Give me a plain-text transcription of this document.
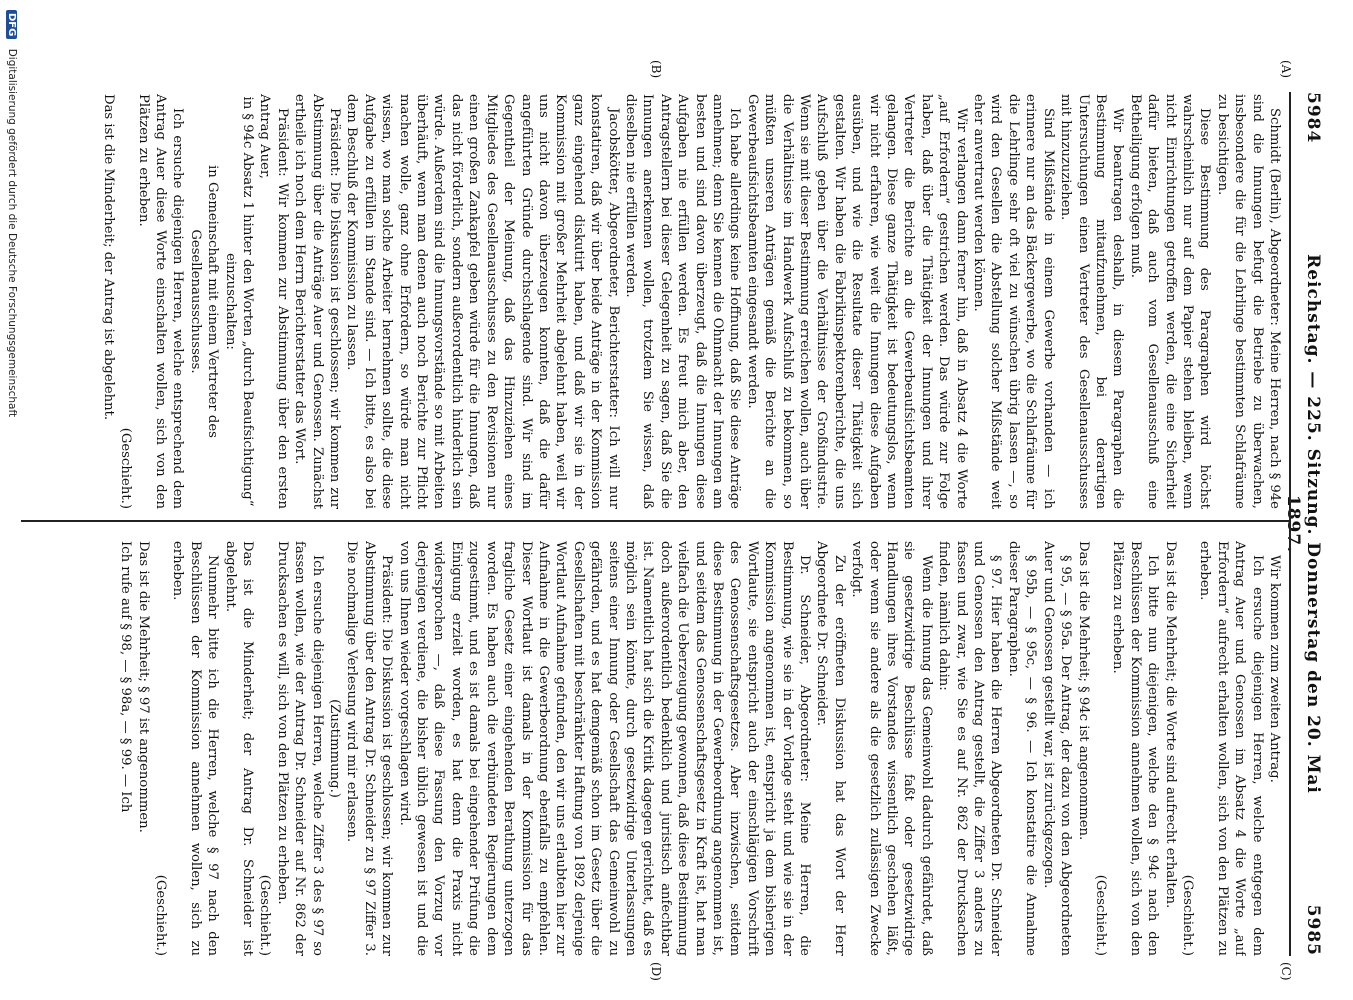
5984
Reichstag. — 225. Sitzung. Donnerstag den 20. Mai 1897.
5985
(A)
(B)
(C)
(D)

Schmidt (Berlin), Abgeordneter: Meine Herren, nach § 94e sind die Innungen befugt die Betriebe zu überwachen, insbesondere die für die Lehrlinge bestimmten Schlafräume zu besichtigen.

Diese Bestimmung des Paragraphen wird höchst wahrscheinlich nur auf dem Papier stehen bleiben, wenn nicht Einrichtungen getroffen werden, die eine Sicherheit dafür bieten, daß auch vom Gesellenausschuß eine Betheiligung erfolgen muß.

Wir beantragen deshalb, in diesem Paragraphen die Bestimmung mitaufzunehmen, bei derartigen Untersuchungen einen Vertreter des Gesellenausschusses mit hinzuzuziehen.

Sind Mißstände in einem Gewerbe vorhanden — ich erinnere nur an das Bäckergewerbe, wo die Schlafräume für die Lehrlinge sehr oft viel zu wünschen übrig lassen —, so wird den Gesellen die Abstellung solcher Mißstände weit eher anvertraut werden können.

Wir verlangen dann ferner hin, daß in Absatz 4 die Worte „auf Erfordern“ gestrichen werden. Das würde zur Folge haben, daß über die Thätigkeit der Innungen und ihrer Vertreter die Berichte an die Gewerbeaufsichtsbeamten gelangen. Diese ganze Thätigkeit ist bedeutungslos, wenn wir nicht erfahren, wie weit die Innungen diese Aufgaben ausüben, und wie die Resultate dieser Thätigkeit sich gestalten. Wir haben die Fabrikinspektorenberichte, die uns Aufschluß geben über die Verhältnisse der Großindustrie. Wenn sie mit dieser Bestimmung erreichen wollen, auch über die Verhältnisse im Handwerk Aufschluß zu bekommen, so müßten unseren Anträgen gemäß die Berichte an die Gewerbeaufsichtsbeamten eingesandt werden.

Ich habe allerdings keine Hoffnung, daß Sie diese Anträge annehmen; denn Sie kennen die Ohnmacht der Innungen am besten und sind davon überzeugt, daß die Innungen diese Aufgaben nie erfüllen werden. Es freut mich aber, den Antragstellern bei dieser Gelegenheit zu sagen, daß Sie die Innungen anerkennen wollen, trotzdem Sie wissen, daß dieselben nie erfüllen werden.

Jacobskötter, Abgeordneter, Berichterstatter: Ich will nur konstatiren, daß wir über beide Anträge in der Kommission ganz eingehend diskutirt haben, und daß wir sie in der Kommission mit großer Mehrheit abgelehnt haben, weil wir uns nicht davon überzeugen konnten, daß die dafür angeführten Gründe durchschlagende sind. Wir sind im Gegentheil der Meinung, daß das Hinzuziehen eines Mitgliedes des Gesellenausschusses zu den Revisionen nur einen großen Zankapfel geben würde für die Innungen, daß das nicht förderlich, sondern außerordentlich hinderlich sein würde. Außerdem sind die Innungsvorstände so mit Arbeiten überhäuft, wenn man denen auch noch Berichte zur Pflicht machen wolle, ganz ohne Erfordern, so würde man nicht wissen, wo man solche Arbeiter hernehmen sollte, die diese Aufgabe zu erfüllen im Stande sind. — Ich bitte, es also bei dem Beschluß der Kommission zu lassen.

Präsident: Die Diskussion ist geschlossen; wir kommen zur Abstimmung über die Anträge Auer und Genossen. Zunächst ertheile ich noch dem Herrn Berichterstatter das Wort.

Präsident: Wir kommen zur Abstimmung über den ersten Antrag Auer,

in § 94c Absatz 1 hinter den Worten „durch Beaufsichtigung“ einzuschalten:

in Gemeinschaft mit einem Vertreter des Gesellenausschusses.

Ich ersuche diejenigen Herren, welche entsprechend dem Antrag Auer diese Worte einschalten wollen, sich von den Plätzen zu erheben.

(Geschieht.)

Das ist die Minderheit; der Antrag ist abgelehnt.

Wir kommen zum zweiten Antrag.

Ich ersuche diejenigen Herren, welche entgegen dem Antrag Auer und Genossen im Absatz 4 die Worte „auf Erfordern“ aufrecht erhalten wollen, sich von den Plätzen zu erheben.

(Geschieht.)

Das ist die Mehrheit; die Worte sind aufrecht erhalten.

Ich bitte nun diejenigen, welche den § 94c nach den Beschlüssen der Kommission annehmen wollen, sich von den Plätzen zu erheben.

(Geschieht.)

Das ist die Mehrheit; § 94c ist angenommen.

§ 95, — § 95a. Der Antrag, der dazu von den Abgeordneten Auer und Genossen gestellt war, ist zurückgezogen.

§ 95b, — § 95c, — § 96. — Ich konstatire die Annahme dieser Paragraphen.

§ 97. Hier haben die Herren Abgeordneten Dr. Schneider und Genossen den Antrag gestellt, die Ziffer 3 anders zu fassen und zwar, wie Sie es auf Nr. 862 der Drucksachen finden, nämlich dahin:

Wenn die Innung das Gemeinwohl dadurch gefährdet, daß sie gesetzwidrige Beschlüsse faßt oder gesetzwidrige Handlungen ihres Vorstandes wissentlich geschehen läßt, oder wenn sie andere als die gesetzlich zulässigen Zwecke verfolgt.

Zu der eröffneten Diskussion hat das Wort der Herr Abgeordnete Dr. Schneider.

Dr. Schneider, Abgeordneter: Meine Herren, die Bestimmung, wie sie in der Vorlage steht und wie sie in der Kommission angenommen ist, entspricht ja dem bisherigen Wortlaute, sie entspricht auch der einschlägigen Vorschrift des Genossenschaftsgesetzes. Aber inzwischen, seitdem diese Bestimmung in der Gewerbeordnung angenommen ist, und seitdem das Genossenschaftsgesetz in Kraft ist, hat man vielfach die Ueberzeugung gewonnen, daß diese Bestimmung doch außerordentlich bedenklich und juristisch anfechtbar ist. Namentlich hat sich die Kritik dagegen gerichtet, daß es möglich sein könnte, durch gesetzwidrige Unterlassungen seitens einer Innung oder Gesellschaft das Gemeinwohl zu gefährden, und es hat demgemäß schon im Gesetz über die Gesellschaften mit beschränkter Haftung von 1892 derjenige Wortlaut Aufnahme gefunden, den wir uns erlaubten hier zur Aufnahme in die Gewerbeordnung ebenfalls zu empfehlen. Dieser Wortlaut ist damals in der Kommission für das fragliche Gesetz einer eingehenden Berathung unterzogen worden. Es haben auch die verbündeten Regierungen dem zugestimmt, und es ist damals bei eingehender Prüfung die Einigung erzielt worden, es hat denn die Praxis nicht widersprochen —, daß diese Fassung den Vorzug vor derjenigen verdiene, die bisher üblich gewesen ist und die von uns Ihnen wieder vorgeschlagen wird.

Präsident: Die Diskussion ist geschlossen; wir kommen zur Abstimmung über den Antrag Dr. Schneider zu § 97 Ziffer 3. Die nochmalige Verlesung wird mir erlassen.

(Zustimmung.)

Ich ersuche diejenigen Herren, welche Ziffer 3 des § 97 so fassen wollen, wie der Antrag Dr. Schneider auf Nr. 862 der Drucksachen es will, sich von den Plätzen zu erheben.

(Geschieht.)

Das ist die Minderheit; der Antrag Dr. Schneider ist abgelehnt.

Nunmehr bitte ich die Herren, welche § 97 nach den Beschlüssen der Kommission annehmen wollen, sich zu erheben.

(Geschieht.)

Das ist die Mehrheit; § 97 ist angenommen.

Ich rufe auf § 98, — § 98a, — § 99. — Ich

DFG Digitalisierung gefördert durch die Deutsche Forschungsgemeinschaft
